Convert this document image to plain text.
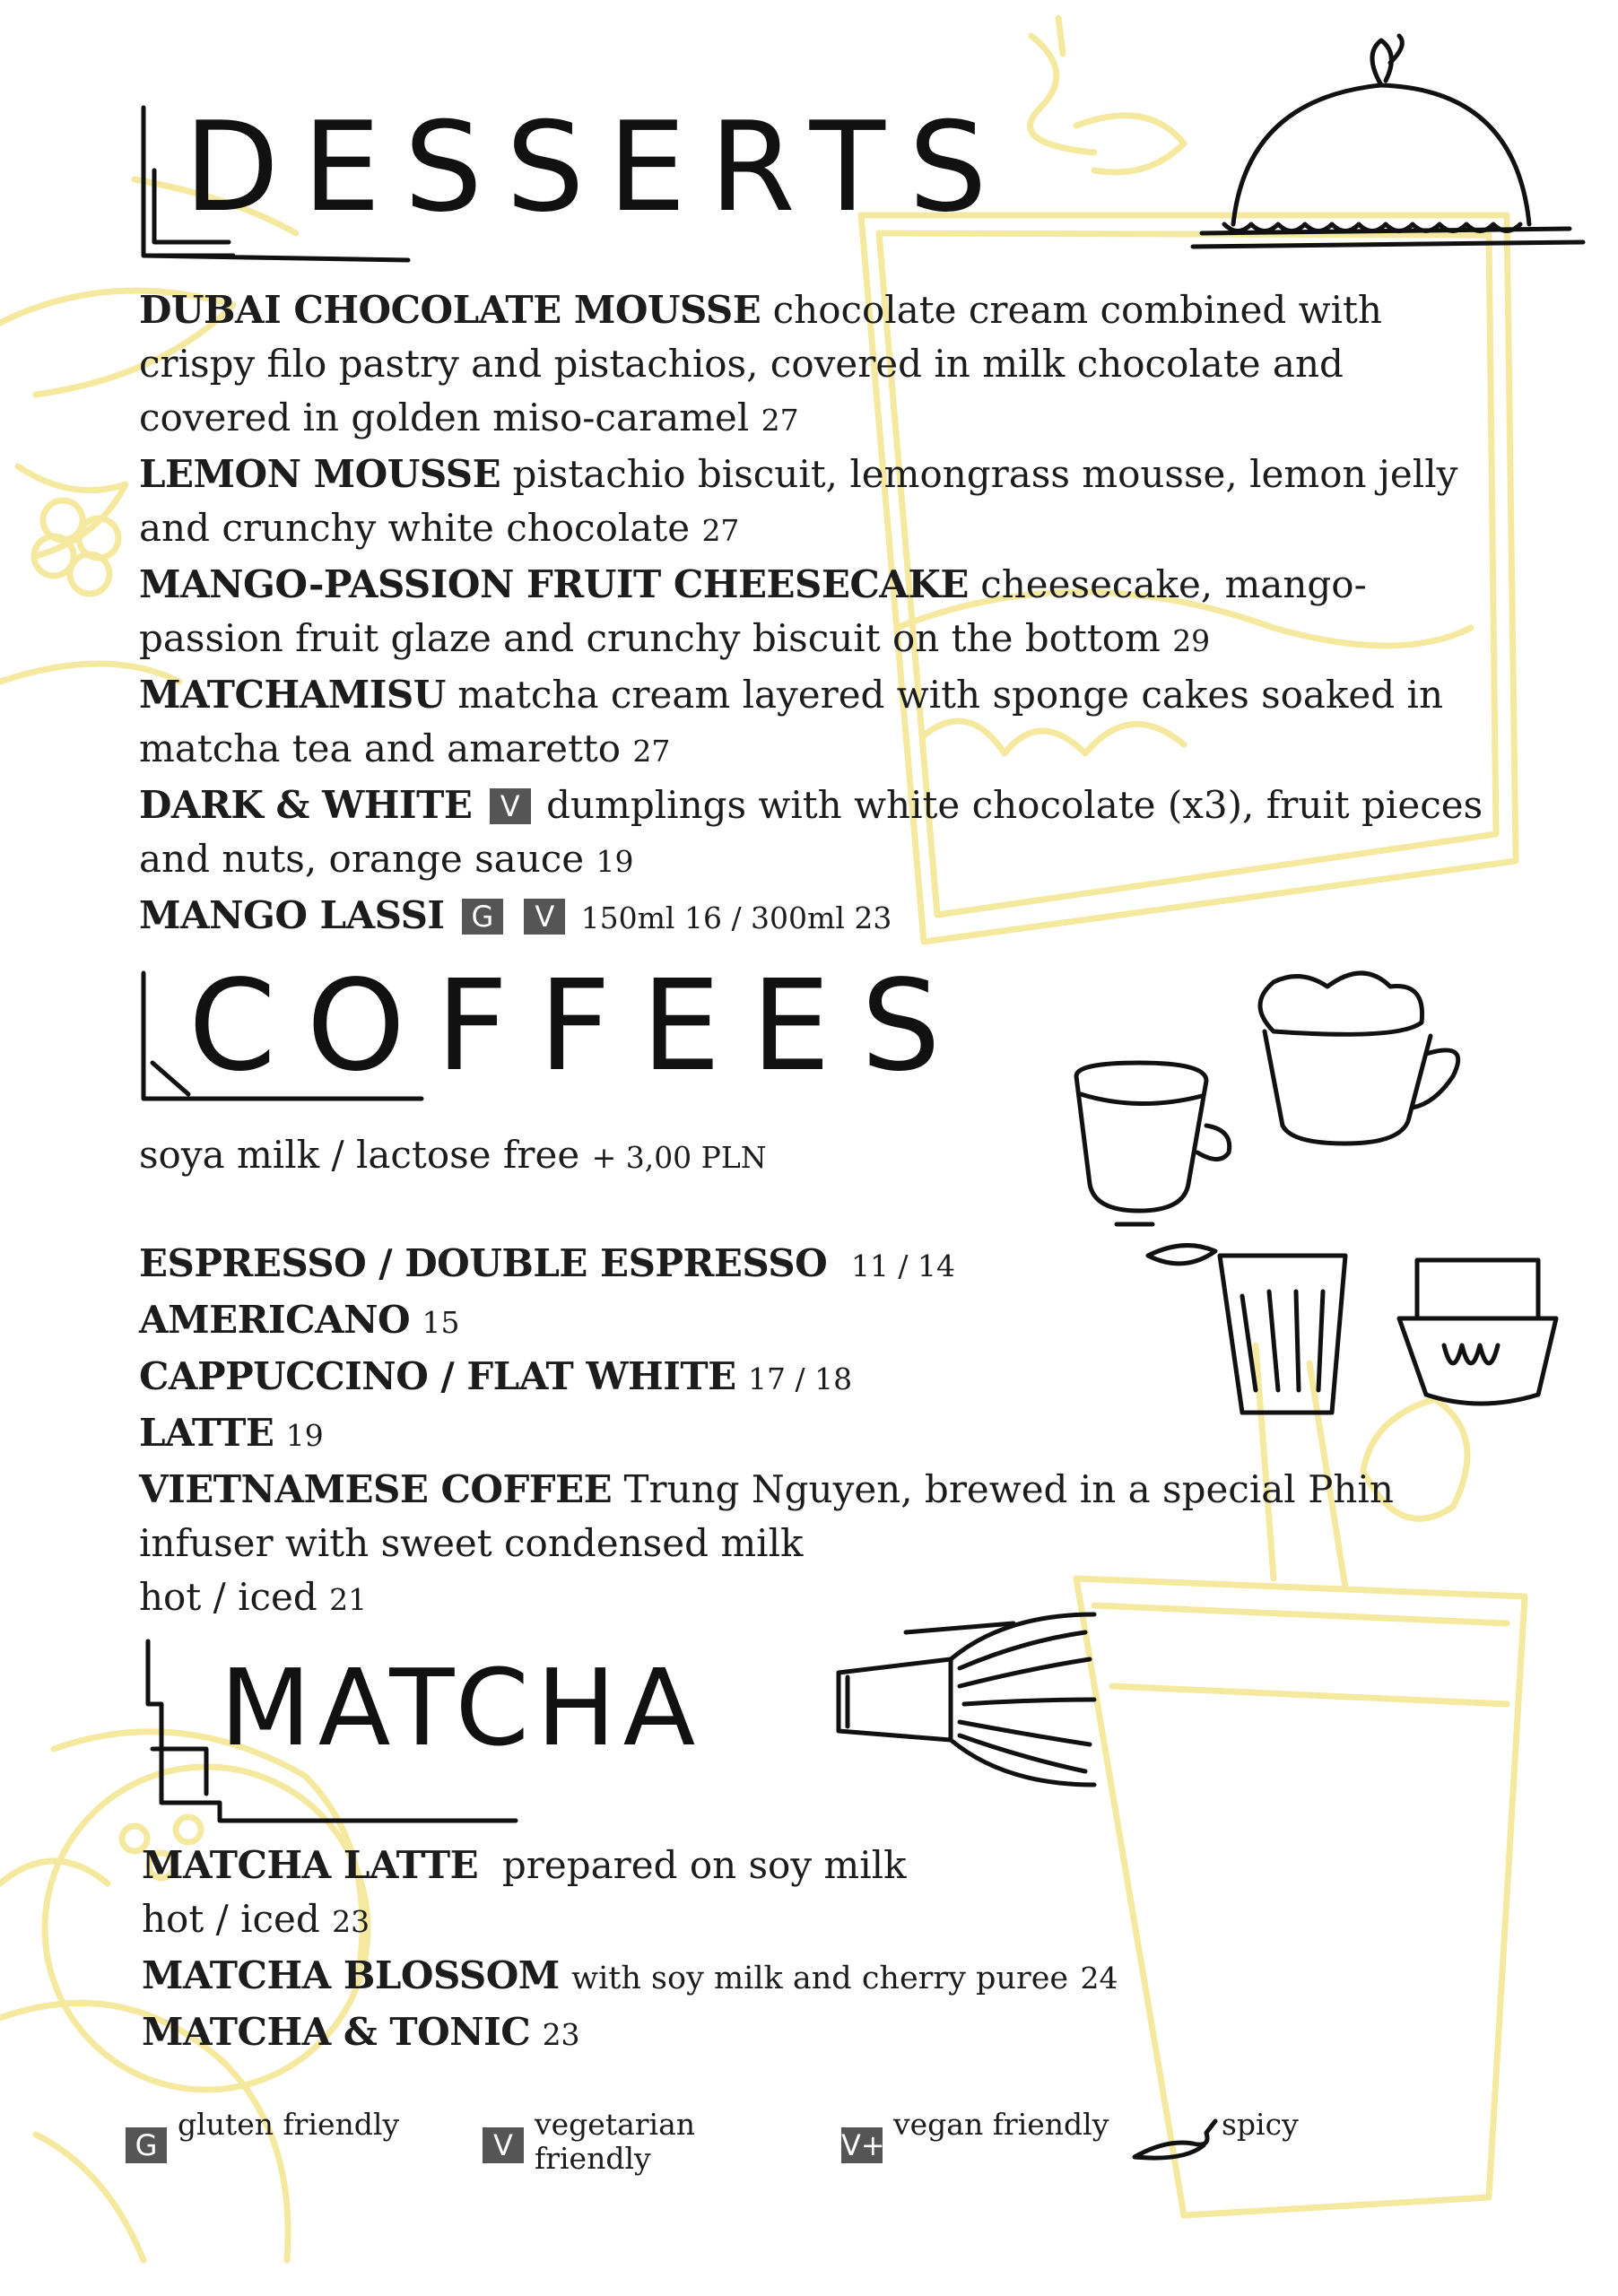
DESSERTS

DUBAI CHOCOLATE MOUSSE chocolate cream combined with crispy filo pastry and pistachios, covered in milk chocolate and covered in golden miso-caramel 27

LEMON MOUSSE pistachio biscuit, lemongrass mousse, lemon jelly and crunchy white chocolate 27

MANGO-PASSION FRUIT CHEESECAKE cheesecake, mango-passion fruit glaze and crunchy biscuit on the bottom 29

MATCHAMISU matcha cream layered with sponge cakes soaked in matcha tea and amaretto 27

DARK & WHITE V dumplings with white chocolate (x3), fruit pieces and nuts, orange sauce 19

MANGO LASSI G V 150ml 16 / 300ml 23

COFFEES

soya milk / lactose free + 3,00 PLN

ESPRESSO / DOUBLE ESPRESSO 11 / 14

AMERICANO 15

CAPPUCCINO / FLAT WHITE 17 / 18

LATTE 19

VIETNAMESE COFFEE Trung Nguyen, brewed in a special Phin infuser with sweet condensed milk
hot / iced 21

MATCHA

MATCHA LATTE prepared on soy milk
hot / iced 23

MATCHA BLOSSOM with soy milk and cherry puree 24

MATCHA & TONIC 23

G
gluten friendly
V
vegetarian friendly	V+
vegan friendly	spicy
